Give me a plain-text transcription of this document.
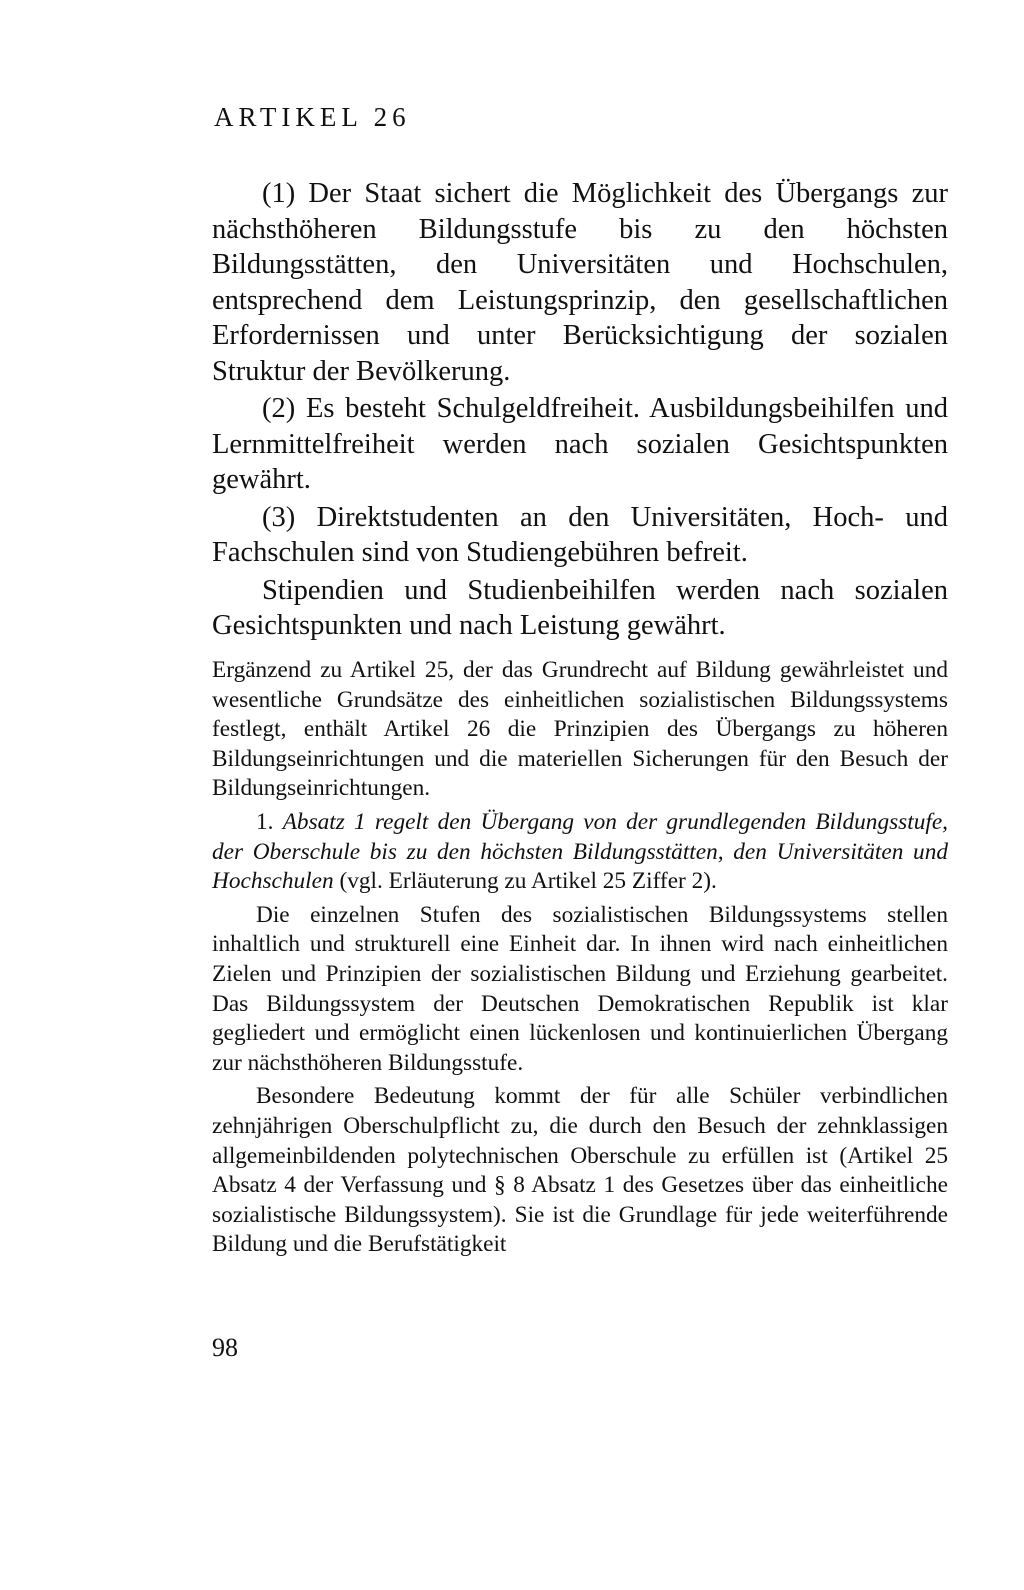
ARTIKEL 26

(1) Der Staat sichert die Möglichkeit des Übergangs zur nächsthöheren Bildungsstufe bis zu den höchsten Bildungsstätten, den Universitäten und Hochschulen, entsprechend dem Leistungsprinzip, den gesellschaftlichen Erfordernissen und unter Berücksichtigung der sozialen Struktur der Bevölkerung.

(2) Es besteht Schulgeldfreiheit. Ausbildungsbeihilfen und Lernmittelfreiheit werden nach sozialen Gesichtspunkten gewährt.

(3) Direktstudenten an den Universitäten, Hoch- und Fachschulen sind von Studiengebühren befreit.

Stipendien und Studienbeihilfen werden nach sozialen Gesichtspunkten und nach Leistung gewährt.

Ergänzend zu Artikel 25, der das Grundrecht auf Bildung gewährleistet und wesentliche Grundsätze des einheitlichen sozialistischen Bildungssystems festlegt, enthält Artikel 26 die Prinzipien des Übergangs zu höheren Bildungseinrichtungen und die materiellen Sicherungen für den Besuch der Bildungseinrichtungen.

1. Absatz 1 regelt den Übergang von der grundlegenden Bildungsstufe, der Oberschule bis zu den höchsten Bildungsstätten, den Universitäten und Hochschulen (vgl. Erläuterung zu Artikel 25 Ziffer 2).

Die einzelnen Stufen des sozialistischen Bildungssystems stellen inhaltlich und strukturell eine Einheit dar. In ihnen wird nach einheitlichen Zielen und Prinzipien der sozialistischen Bildung und Erziehung gearbeitet. Das Bildungssystem der Deutschen Demokratischen Republik ist klar gegliedert und ermöglicht einen lückenlosen und kontinuierlichen Übergang zur nächsthöheren Bildungsstufe.

Besondere Bedeutung kommt der für alle Schüler verbindlichen zehnjährigen Oberschulpflicht zu, die durch den Besuch der zehnklassigen allgemeinbildenden polytechnischen Oberschule zu erfüllen ist (Artikel 25 Absatz 4 der Verfassung und § 8 Absatz 1 des Gesetzes über das einheitliche sozialistische Bildungssystem). Sie ist die Grundlage für jede weiterführende Bildung und die Berufstätigkeit

98
